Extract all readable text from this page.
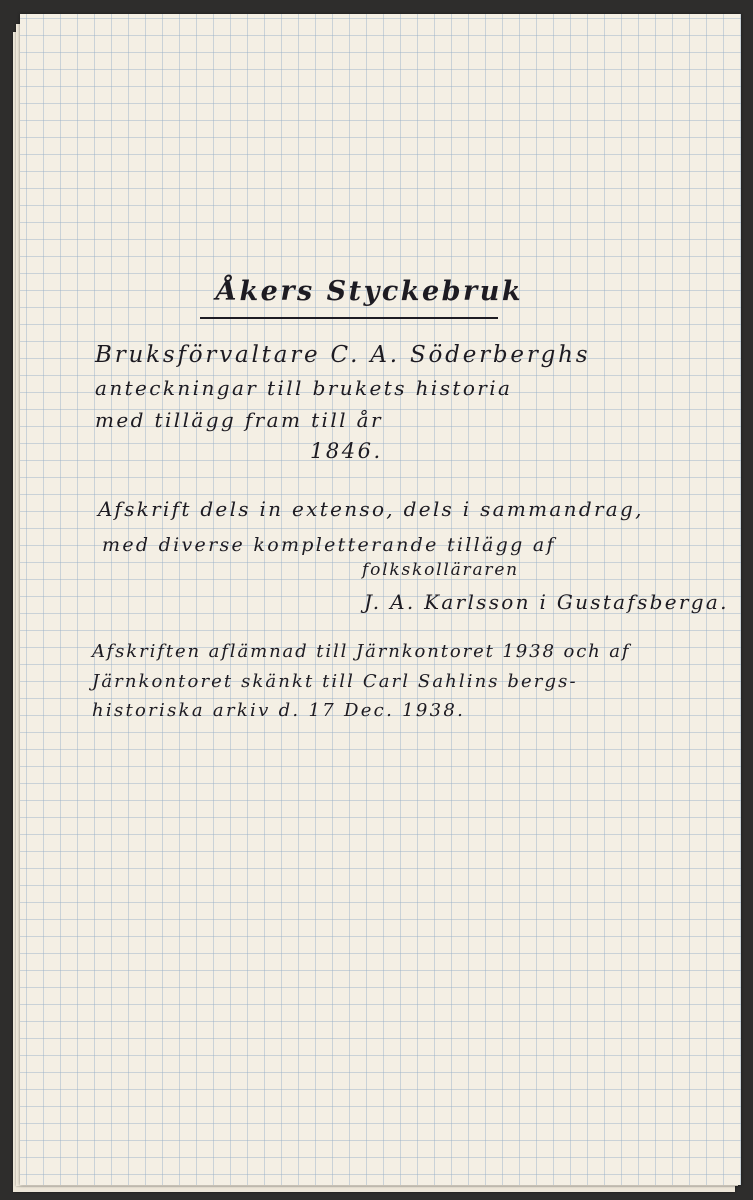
Åkers Styckebruk

Bruksförvaltare C. A. Söderberghs

anteckningar till brukets historia

med tillägg fram till år

1846.

Afskrift dels in extenso, dels i sammandrag,

med diverse kompletterande tillägg af

folkskolläraren

J. A. Karlsson i Gustafsberga.

Afskriften aflämnad till Järnkontoret 1938 och af

Järnkontoret skänkt till Carl Sahlins bergs-

historiska arkiv d. 17 Dec. 1938.
